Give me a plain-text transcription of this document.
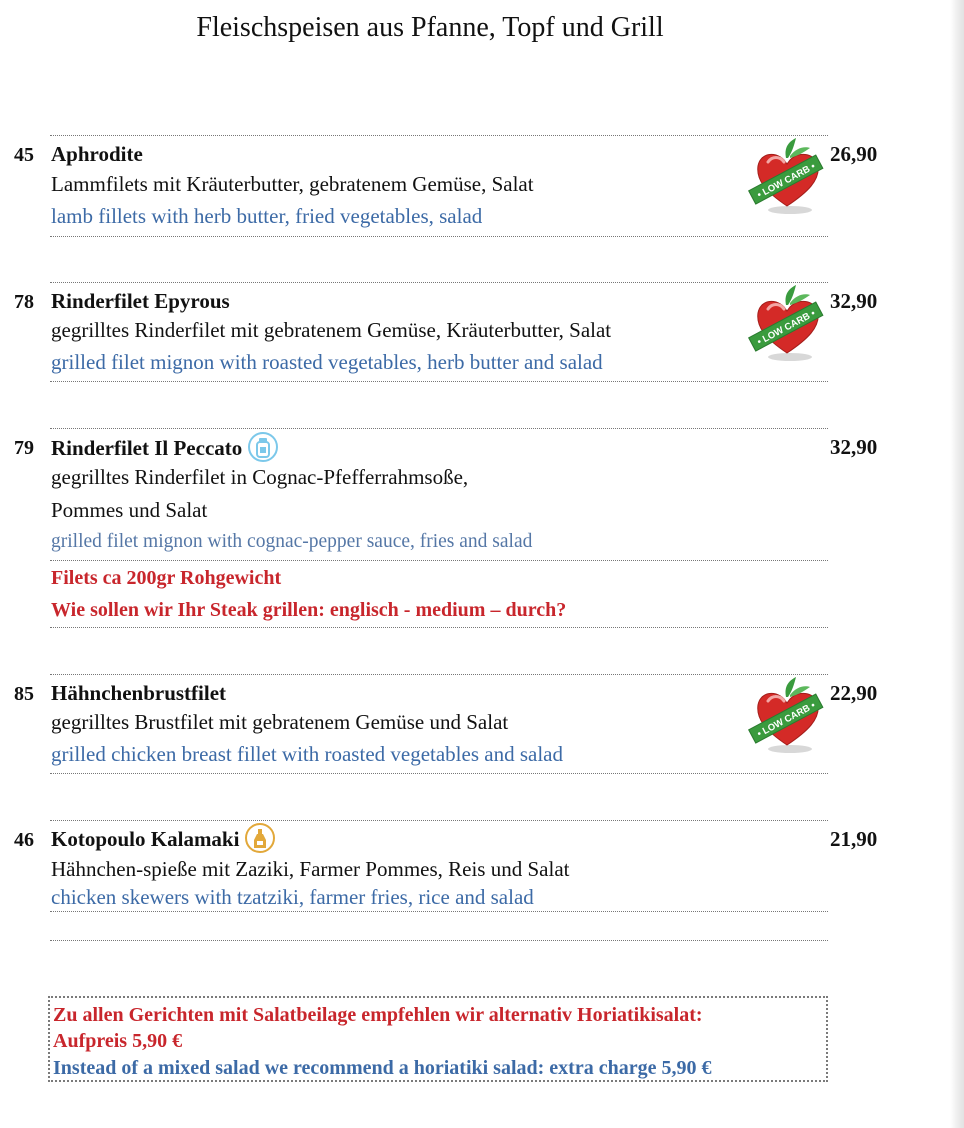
Fleischspeisen aus Pfanne, Topf und Grill
45 Aphrodite
Lammfilets mit Kräuterbutter, gebratenem Gemüse, Salat
lamb fillets with herb butter, fried vegetables, salad
26,90
• LOW CARB •
78 Rinderfilet Epyrous
gegrilltes Rinderfilet mit gebratenem Gemüse, Kräuterbutter, Salat
grilled filet mignon with roasted vegetables, herb butter and salad
32,90
• LOW CARB •
79 Rinderfilet Il Peccato
gegrilltes Rinderfilet in Cognac-Pfefferrahmsoße,
Pommes und Salat
grilled filet mignon with cognac-pepper sauce, fries and salad
32,90
Filets ca 200gr Rohgewicht
Wie sollen wir Ihr Steak grillen: englisch - medium – durch?
85 Hähnchenbrustfilet
gegrilltes Brustfilet mit gebratenem Gemüse und Salat
grilled chicken breast fillet with roasted vegetables and salad
22,90
• LOW CARB •
46 Kotopoulo Kalamaki
Hähnchen-spieße mit Zaziki, Farmer Pommes, Reis und Salat
chicken skewers with tzatziki, farmer fries, rice and salad
21,90
Zu allen Gerichten mit Salatbeilage empfehlen wir alternativ Horiatikisalat:
Aufpreis 5,90 €
Instead of a mixed salad we recommend a horiatiki salad: extra charge 5,90 €
